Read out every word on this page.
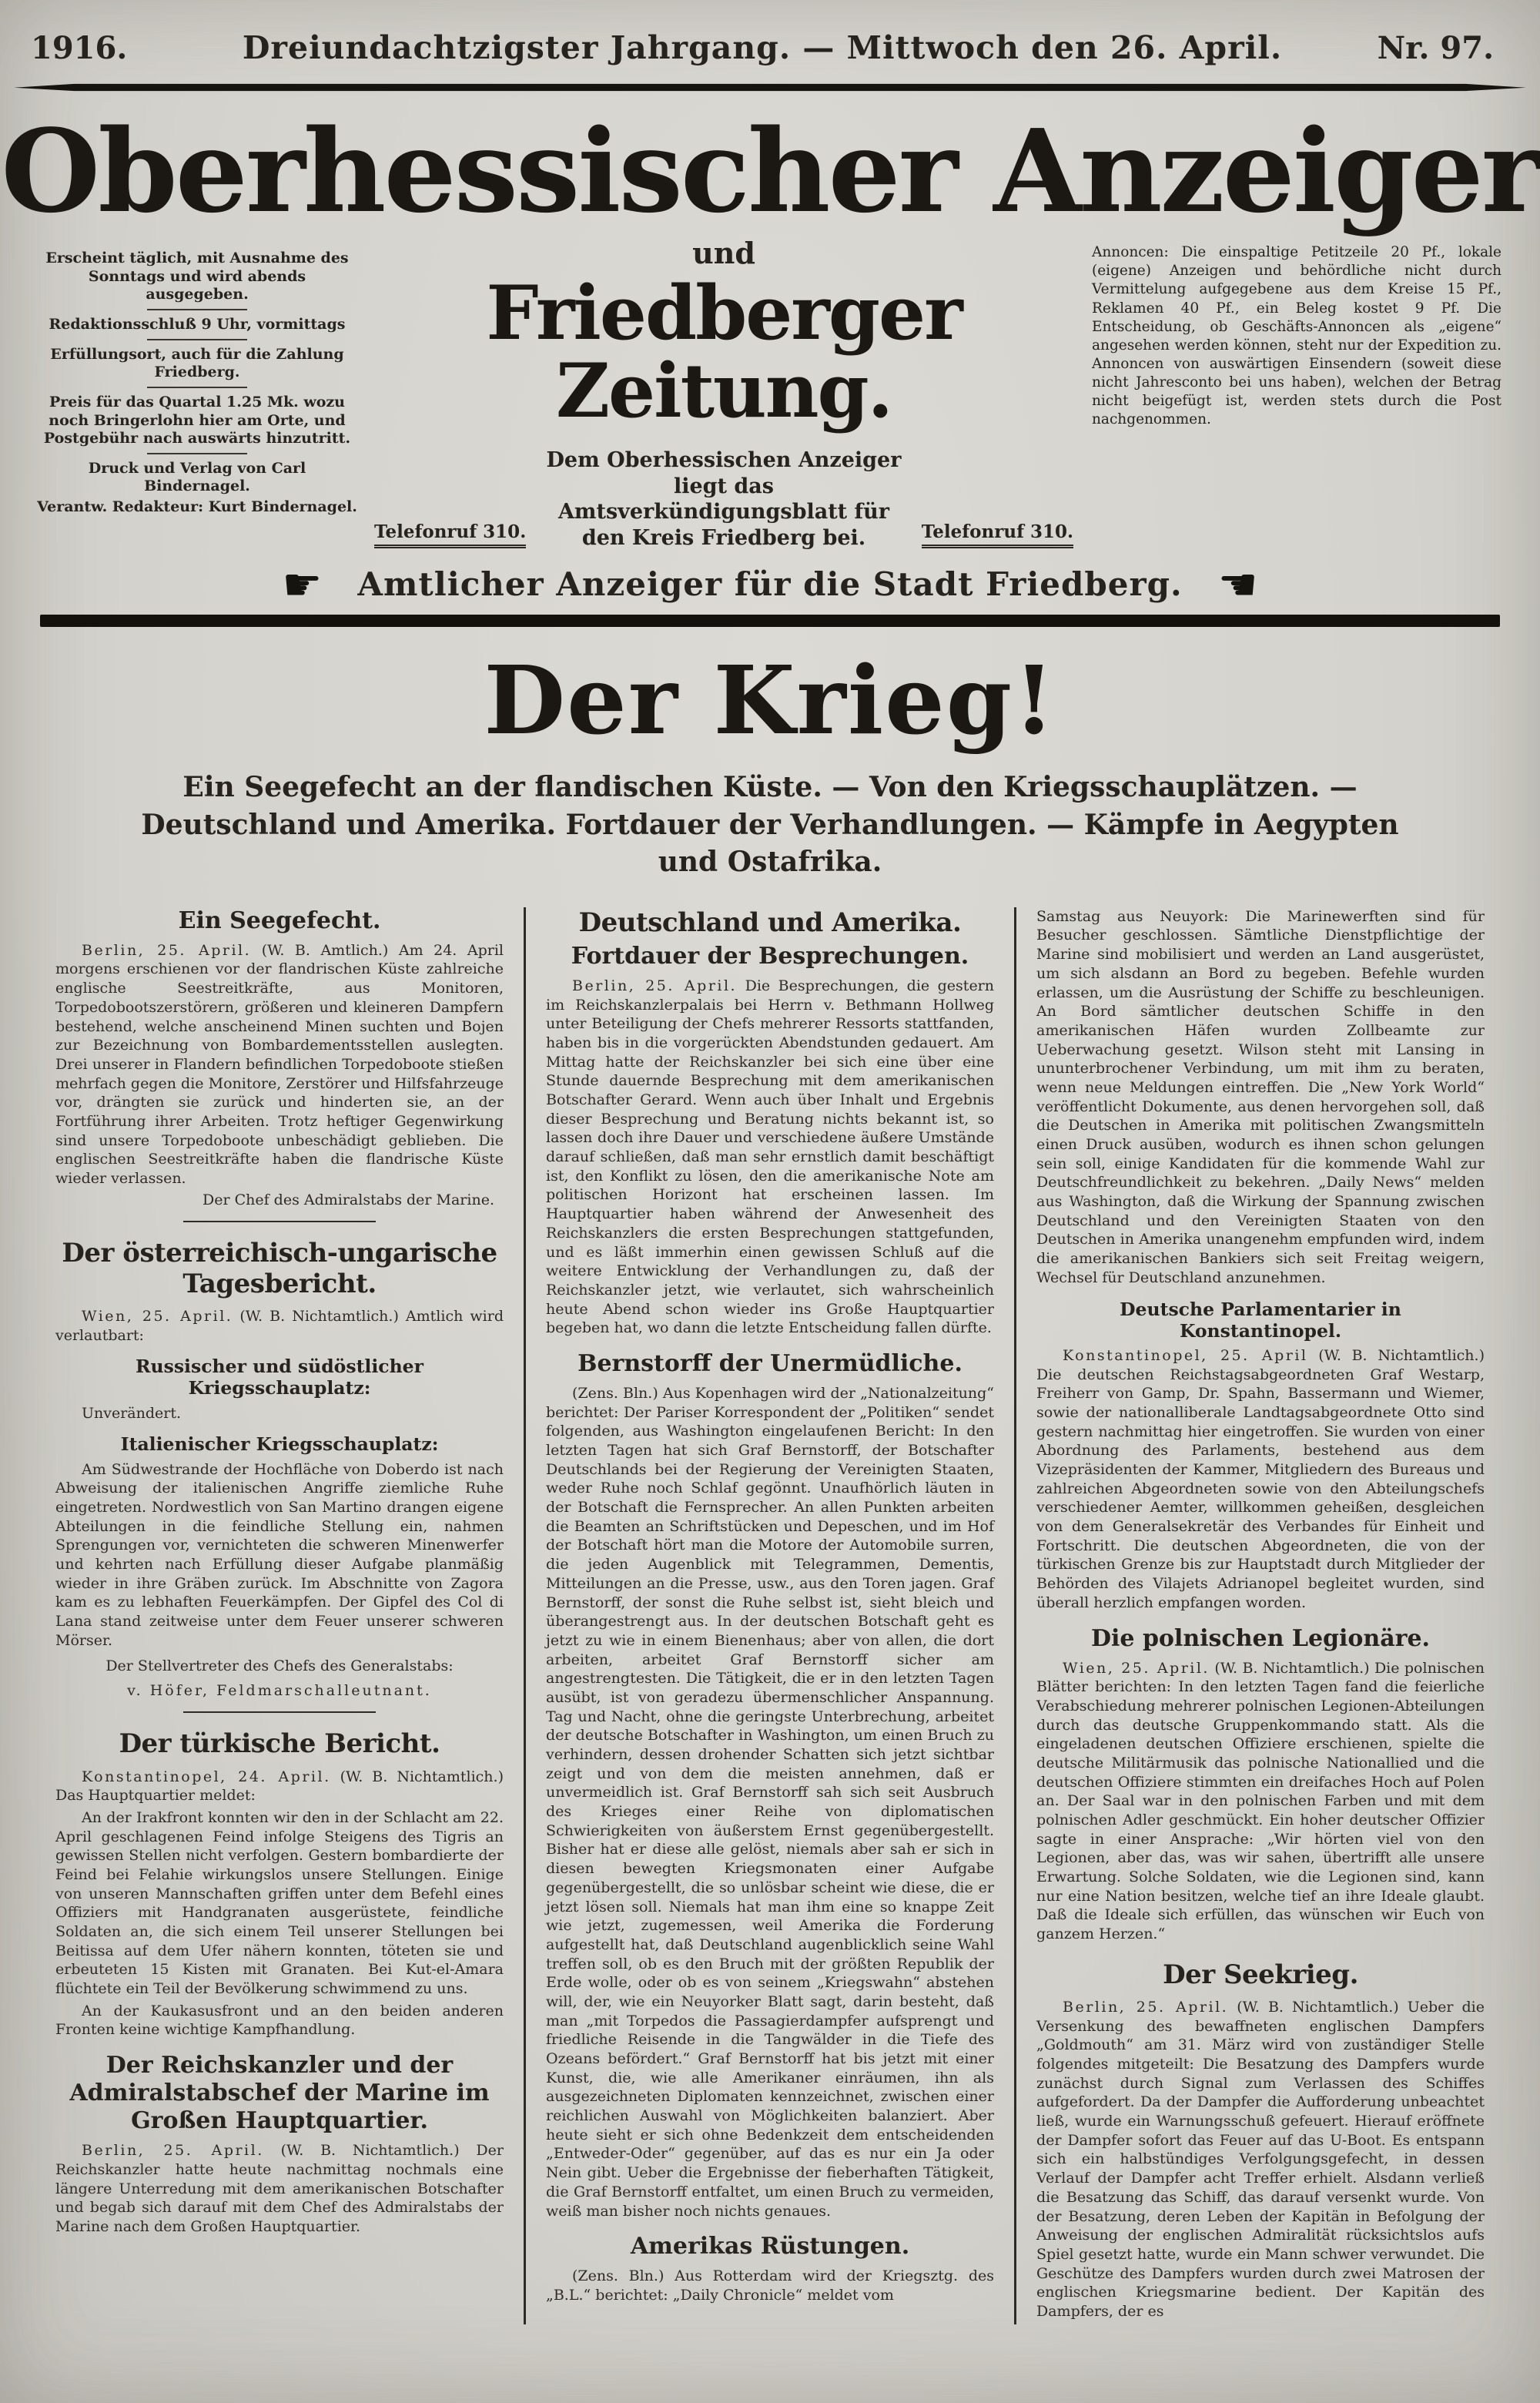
1916.	Dreiundachtzigster Jahrgang. — Mittwoch den 26. April.	Nr. 97.
Oberhessischer Anzeiger

Erscheint täglich, mit Ausnahme des Sonntags und wird abends ausgegeben.

Redaktionsschluß 9 Uhr, vormittags

Erfüllungsort, auch für die Zahlung Friedberg.

Preis für das Quartal 1.25 Mk. wozu noch Bringerlohn hier am Orte, und Postgebühr nach auswärts hinzutritt.

Druck und Verlag von Carl Bindernagel.

Verantw. Redakteur: Kurt Bindernagel.

und
Friedberger Zeitung.
Telefonruf 310.
Dem Oberhessischen Anzeiger liegt das Amtsverkündigungsblatt für den Kreis Friedberg bei.	Telefonruf 310.

Annoncen: Die einspaltige Petitzeile 20 Pf., lokale (eigene) Anzeigen und behördliche nicht durch Vermittelung aufgegebene aus dem Kreise 15 Pf., Reklamen 40 Pf., ein Beleg kostet 9 Pf. Die Entscheidung, ob Geschäfts-Annoncen als „eigene“ angesehen werden können, steht nur der Expedition zu. Annoncen von auswärtigen Einsendern (soweit diese nicht Jahresconto bei uns haben), welchen der Betrag nicht beigefügt ist, werden stets durch die Post nachgenommen.

☛ Amtlicher Anzeiger für die Stadt Friedberg. ☚
Der Krieg!

Ein Seegefecht an der flandischen Küste. — Von den Kriegsschauplätzen. — Deutschland und Amerika. Fortdauer der Verhandlungen. — Kämpfe in Aegypten und Ostafrika.

Ein Seegefecht.

Berlin, 25. April. (W. B. Amtlich.) Am 24. April morgens erschienen vor der flandrischen Küste zahlreiche englische Seestreitkräfte, aus Monitoren, Torpedobootszerstörern, größeren und kleineren Dampfern bestehend, welche anscheinend Minen suchten und Bojen zur Bezeichnung von Bombardementsstellen auslegten. Drei unserer in Flandern befindlichen Torpedoboote stießen mehrfach gegen die Monitore, Zerstörer und Hilfsfahrzeuge vor, drängten sie zurück und hinderten sie, an der Fortführung ihrer Arbeiten. Trotz heftiger Gegenwirkung sind unsere Torpedoboote unbeschädigt geblieben. Die englischen Seestreitkräfte haben die flandrische Küste wieder verlassen.

Der Chef des Admiralstabs der Marine.

Der österreichisch-ungarische Tagesbericht.

Wien, 25. April. (W. B. Nichtamtlich.) Amtlich wird verlautbart:

Russischer und südöstlicher Kriegsschauplatz:

Unverändert.

Italienischer Kriegsschauplatz:

Am Südwestrande der Hochfläche von Doberdo ist nach Abweisung der italienischen Angriffe ziemliche Ruhe eingetreten. Nordwestlich von San Martino drangen eigene Abteilungen in die feindliche Stellung ein, nahmen Sprengungen vor, vernichteten die schweren Minenwerfer und kehrten nach Erfüllung dieser Aufgabe planmäßig wieder in ihre Gräben zurück. Im Abschnitte von Zagora kam es zu lebhaften Feuerkämpfen. Der Gipfel des Col di Lana stand zeitweise unter dem Feuer unserer schweren Mörser.

Der Stellvertreter des Chefs des Generalstabs:

v. Höfer, Feldmarschalleutnant.

Der türkische Bericht.

Konstantinopel, 24. April. (W. B. Nichtamtlich.) Das Hauptquartier meldet:

An der Irakfront konnten wir den in der Schlacht am 22. April geschlagenen Feind infolge Steigens des Tigris an gewissen Stellen nicht verfolgen. Gestern bombardierte der Feind bei Felahie wirkungslos unsere Stellungen. Einige von unseren Mannschaften griffen unter dem Befehl eines Offiziers mit Handgranaten ausgerüstete, feindliche Soldaten an, die sich einem Teil unserer Stellungen bei Beitissa auf dem Ufer nähern konnten, töteten sie und erbeuteten 15 Kisten mit Granaten. Bei Kut-el-Amara flüchtete ein Teil der Bevölkerung schwimmend zu uns.

An der Kaukasusfront und an den beiden anderen Fronten keine wichtige Kampfhandlung.

Der Reichskanzler und der Admiralstabschef der Marine im Großen Hauptquartier.

Berlin, 25. April. (W. B. Nichtamtlich.) Der Reichskanzler hatte heute nachmittag nochmals eine längere Unterredung mit dem amerikanischen Botschafter und begab sich darauf mit dem Chef des Admiralstabs der Marine nach dem Großen Hauptquartier.

Deutschland und Amerika.
Fortdauer der Besprechungen.

Berlin, 25. April. Die Besprechungen, die gestern im Reichskanzlerpalais bei Herrn v. Bethmann Hollweg unter Beteiligung der Chefs mehrerer Ressorts stattfanden, haben bis in die vorgerückten Abendstunden gedauert. Am Mittag hatte der Reichskanzler bei sich eine über eine Stunde dauernde Besprechung mit dem amerikanischen Botschafter Gerard. Wenn auch über Inhalt und Ergebnis dieser Besprechung und Beratung nichts bekannt ist, so lassen doch ihre Dauer und verschiedene äußere Umstände darauf schließen, daß man sehr ernstlich damit beschäftigt ist, den Konflikt zu lösen, den die amerikanische Note am politischen Horizont hat erscheinen lassen. Im Hauptquartier haben während der Anwesenheit des Reichskanzlers die ersten Besprechungen stattgefunden, und es läßt immerhin einen gewissen Schluß auf die weitere Entwicklung der Verhandlungen zu, daß der Reichskanzler jetzt, wie verlautet, sich wahrscheinlich heute Abend schon wieder ins Große Hauptquartier begeben hat, wo dann die letzte Entscheidung fallen dürfte.

Bernstorff der Unermüdliche.

(Zens. Bln.) Aus Kopenhagen wird der „Nationalzeitung“ berichtet: Der Pariser Korrespondent der „Politiken“ sendet folgenden, aus Washington eingelaufenen Bericht: In den letzten Tagen hat sich Graf Bernstorff, der Botschafter Deutschlands bei der Regierung der Vereinigten Staaten, weder Ruhe noch Schlaf gegönnt. Unaufhörlich läuten in der Botschaft die Fernsprecher. An allen Punkten arbeiten die Beamten an Schriftstücken und Depeschen, und im Hof der Botschaft hört man die Motore der Automobile surren, die jeden Augenblick mit Telegrammen, Dementis, Mitteilungen an die Presse, usw., aus den Toren jagen. Graf Bernstorff, der sonst die Ruhe selbst ist, sieht bleich und überangestrengt aus. In der deutschen Botschaft geht es jetzt zu wie in einem Bienenhaus; aber von allen, die dort arbeiten, arbeitet Graf Bernstorff sicher am angestrengtesten. Die Tätigkeit, die er in den letzten Tagen ausübt, ist von geradezu übermenschlicher Anspannung. Tag und Nacht, ohne die geringste Unterbrechung, arbeitet der deutsche Botschafter in Washington, um einen Bruch zu verhindern, dessen drohender Schatten sich jetzt sichtbar zeigt und von dem die meisten annehmen, daß er unvermeidlich ist. Graf Bernstorff sah sich seit Ausbruch des Krieges einer Reihe von diplomatischen Schwierigkeiten von äußerstem Ernst gegenübergestellt. Bisher hat er diese alle gelöst, niemals aber sah er sich in diesen bewegten Kriegsmonaten einer Aufgabe gegenübergestellt, die so unlösbar scheint wie diese, die er jetzt lösen soll. Niemals hat man ihm eine so knappe Zeit wie jetzt, zugemessen, weil Amerika die Forderung aufgestellt hat, daß Deutschland augenblicklich seine Wahl treffen soll, ob es den Bruch mit der größten Republik der Erde wolle, oder ob es von seinem „Kriegswahn“ abstehen will, der, wie ein Neuyorker Blatt sagt, darin besteht, daß man „mit Torpedos die Passagierdampfer aufsprengt und friedliche Reisende in die Tangwälder in die Tiefe des Ozeans befördert.“ Graf Bernstorff hat bis jetzt mit einer Kunst, die, wie alle Amerikaner einräumen, ihn als ausgezeichneten Diplomaten kennzeichnet, zwischen einer reichlichen Auswahl von Möglichkeiten balanziert. Aber heute sieht er sich ohne Bedenkzeit dem entscheidenden „Entweder-Oder“ gegenüber, auf das es nur ein Ja oder Nein gibt. Ueber die Ergebnisse der fieberhaften Tätigkeit, die Graf Bernstorff entfaltet, um einen Bruch zu vermeiden, weiß man bisher noch nichts genaues.

Amerikas Rüstungen.

(Zens. Bln.) Aus Rotterdam wird der Kriegsztg. des „B.L.“ berichtet: „Daily Chronicle“ meldet vom

Samstag aus Neuyork: Die Marinewerften sind für Besucher geschlossen. Sämtliche Dienstpflichtige der Marine sind mobilisiert und werden an Land ausgerüstet, um sich alsdann an Bord zu begeben. Befehle wurden erlassen, um die Ausrüstung der Schiffe zu beschleunigen. An Bord sämtlicher deutschen Schiffe in den amerikanischen Häfen wurden Zollbeamte zur Ueberwachung gesetzt. Wilson steht mit Lansing in ununterbrochener Verbindung, um mit ihm zu beraten, wenn neue Meldungen eintreffen. Die „New York World“ veröffentlicht Dokumente, aus denen hervorgehen soll, daß die Deutschen in Amerika mit politischen Zwangsmitteln einen Druck ausüben, wodurch es ihnen schon gelungen sein soll, einige Kandidaten für die kommende Wahl zur Deutschfreundlichkeit zu bekehren. „Daily News“ melden aus Washington, daß die Wirkung der Spannung zwischen Deutschland und den Vereinigten Staaten von den Deutschen in Amerika unangenehm empfunden wird, indem die amerikanischen Bankiers sich seit Freitag weigern, Wechsel für Deutschland anzunehmen.

Deutsche Parlamentarier in Konstantinopel.

Konstantinopel, 25. April (W. B. Nichtamtlich.) Die deutschen Reichstagsabgeordneten Graf Westarp, Freiherr von Gamp, Dr. Spahn, Bassermann und Wiemer, sowie der nationalliberale Landtagsabgeordnete Otto sind gestern nachmittag hier eingetroffen. Sie wurden von einer Abordnung des Parlaments, bestehend aus dem Vizepräsidenten der Kammer, Mitgliedern des Bureaus und zahlreichen Abgeordneten sowie von den Abteilungschefs verschiedener Aemter, willkommen geheißen, desgleichen von dem Generalsekretär des Verbandes für Einheit und Fortschritt. Die deutschen Abgeordneten, die von der türkischen Grenze bis zur Hauptstadt durch Mitglieder der Behörden des Vilajets Adrianopel begleitet wurden, sind überall herzlich empfangen worden.

Die polnischen Legionäre.

Wien, 25. April. (W. B. Nichtamtlich.) Die polnischen Blätter berichten: In den letzten Tagen fand die feierliche Verabschiedung mehrerer polnischen Legionen-Abteilungen durch das deutsche Gruppenkommando statt. Als die eingeladenen deutschen Offiziere erschienen, spielte die deutsche Militärmusik das polnische Nationallied und die deutschen Offiziere stimmten ein dreifaches Hoch auf Polen an. Der Saal war in den polnischen Farben und mit dem polnischen Adler geschmückt. Ein hoher deutscher Offizier sagte in einer Ansprache: „Wir hörten viel von den Legionen, aber das, was wir sahen, übertrifft alle unsere Erwartung. Solche Soldaten, wie die Legionen sind, kann nur eine Nation besitzen, welche tief an ihre Ideale glaubt. Daß die Ideale sich erfüllen, das wünschen wir Euch von ganzem Herzen.“

Der Seekrieg.

Berlin, 25. April. (W. B. Nichtamtlich.) Ueber die Versenkung des bewaffneten englischen Dampfers „Goldmouth“ am 31. März wird von zuständiger Stelle folgendes mitgeteilt: Die Besatzung des Dampfers wurde zunächst durch Signal zum Verlassen des Schiffes aufgefordert. Da der Dampfer die Aufforderung unbeachtet ließ, wurde ein Warnungsschuß gefeuert. Hierauf eröffnete der Dampfer sofort das Feuer auf das U-Boot. Es entspann sich ein halbstündiges Verfolgungsgefecht, in dessen Verlauf der Dampfer acht Treffer erhielt. Alsdann verließ die Besatzung das Schiff, das darauf versenkt wurde. Von der Besatzung, deren Leben der Kapitän in Befolgung der Anweisung der englischen Admiralität rücksichtslos aufs Spiel gesetzt hatte, wurde ein Mann schwer verwundet. Die Geschütze des Dampfers wurden durch zwei Matrosen der englischen Kriegsmarine bedient. Der Kapitän des Dampfers, der es
